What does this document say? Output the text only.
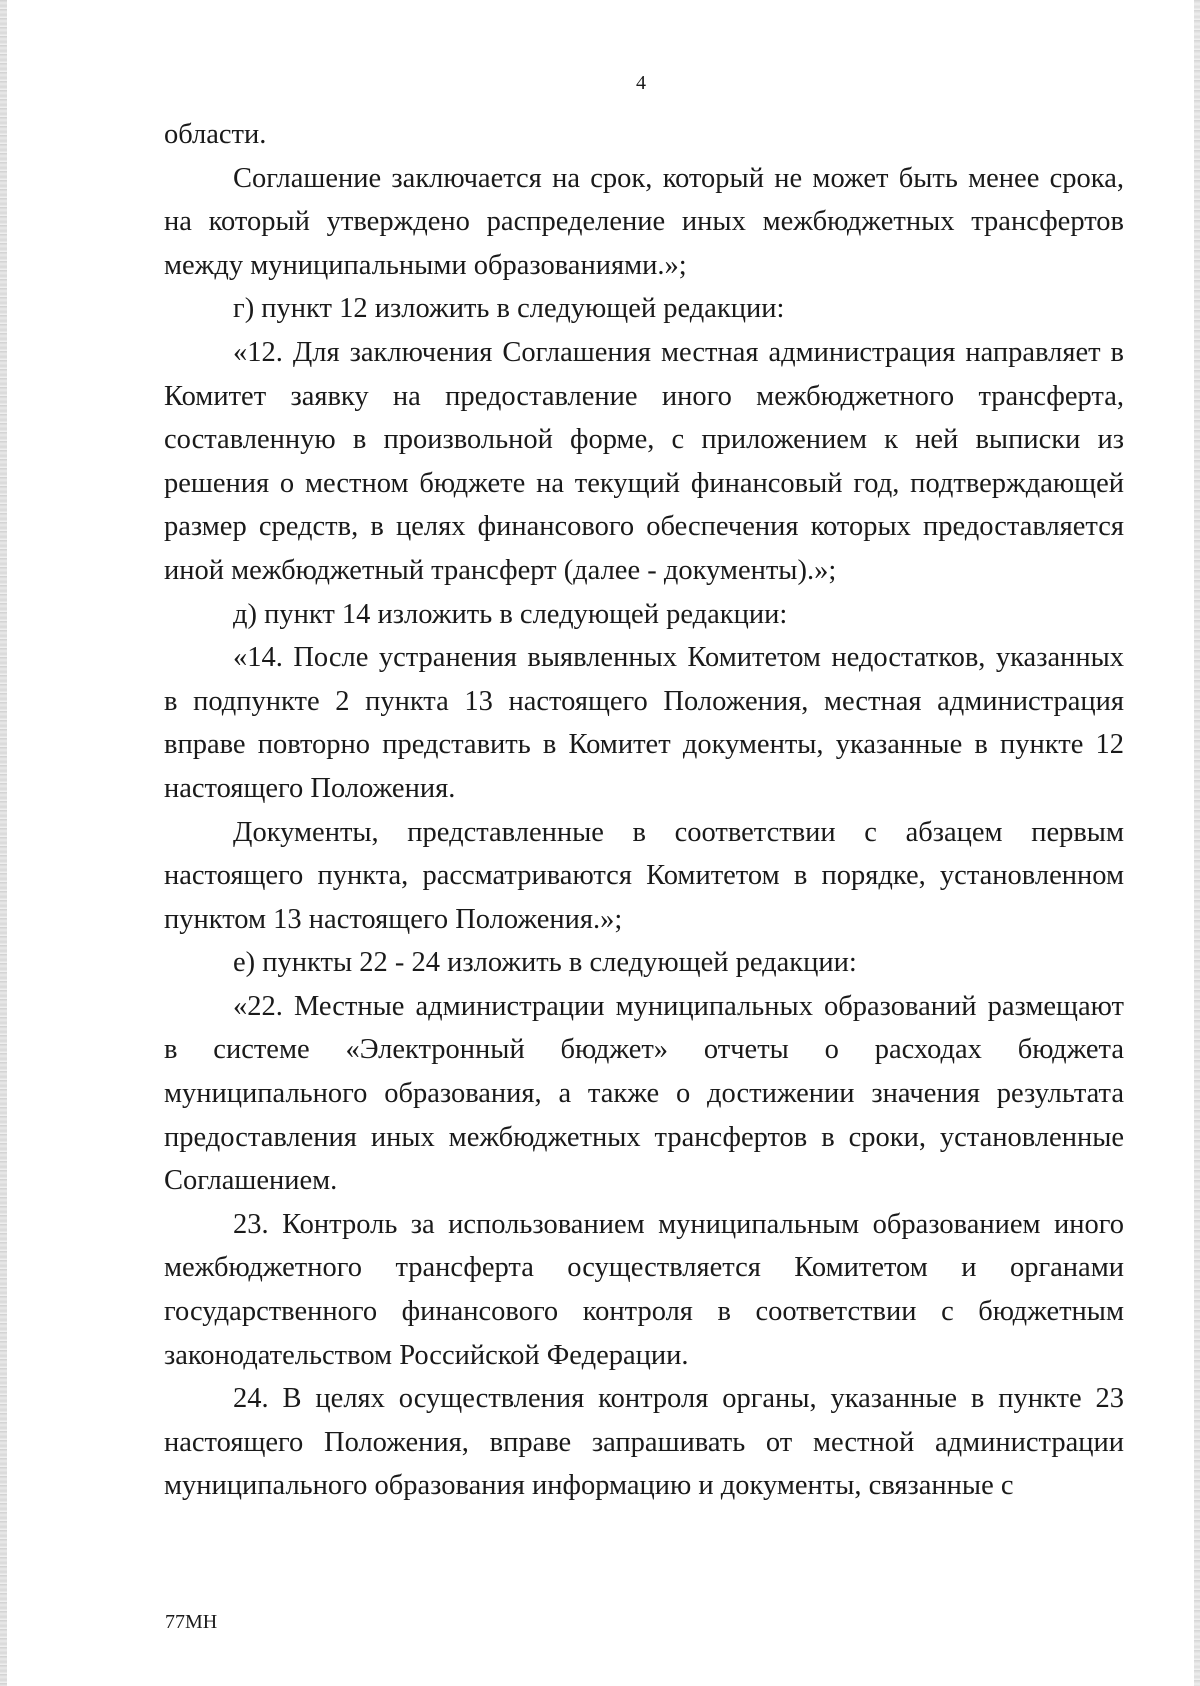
4

области.

Соглашение заключается на срок, который не может быть менее срока, на который утверждено распределение иных межбюджетных трансфертов между муниципальными образованиями.»;

г) пункт 12 изложить в следующей редакции:

«12. Для заключения Соглашения местная администрация направляет в Комитет заявку на предоставление иного межбюджетного трансферта, составленную в произвольной форме, с приложением к ней выписки из решения о местном бюджете на текущий финансовый год, подтверждающей размер средств, в целях финансового обеспечения которых предоставляется иной межбюджетный трансферт (далее - документы).»;

д) пункт 14 изложить в следующей редакции:

«14. После устранения выявленных Комитетом недостатков, указанных в подпункте 2 пункта 13 настоящего Положения, местная администрация вправе повторно представить в Комитет документы, указанные в пункте 12 настоящего Положения.

Документы, представленные в соответствии с абзацем первым настоящего пункта, рассматриваются Комитетом в порядке, установленном пунктом 13 настоящего Положения.»;

е) пункты 22 - 24 изложить в следующей редакции:

«22. Местные администрации муниципальных образований размещают в системе «Электронный бюджет» отчеты о расходах бюджета муниципального образования, а также о достижении значения результата предоставления иных межбюджетных трансфертов в сроки, установленные Соглашением.

23. Контроль за использованием муниципальным образованием иного межбюджетного трансферта осуществляется Комитетом и органами государственного финансового контроля в соответствии с бюджетным законодательством Российской Федерации.

24. В целях осуществления контроля органы, указанные в пункте 23 настоящего Положения, вправе запрашивать от местной администрации муниципального образования информацию и документы, связанные с

77МН
